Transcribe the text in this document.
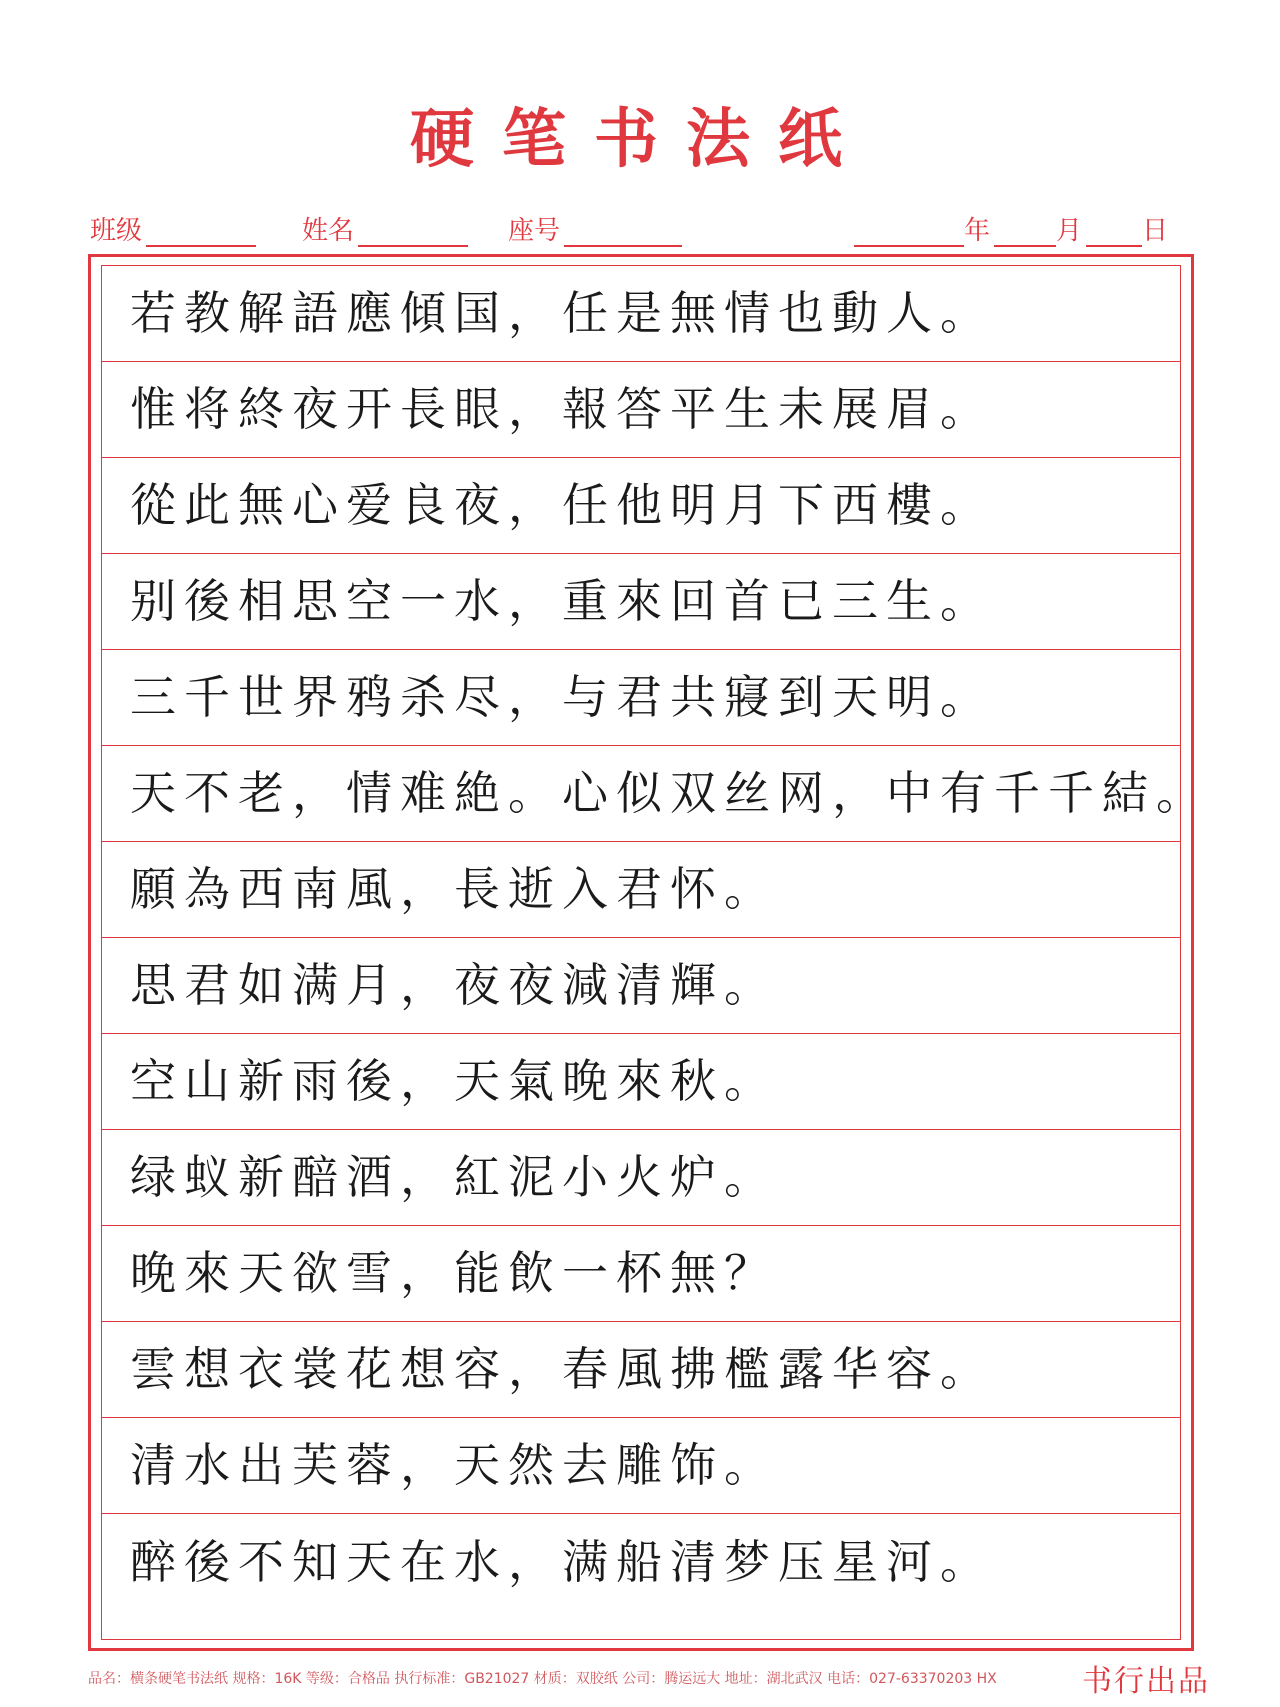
硬笔书法纸
班级	姓名	座号	年	月 日
若教解語應傾国，任是無情也動人。
惟将終夜开長眼，報答平生未展眉。
從此無心爱良夜，任他明月下西樓。
别後相思空一水，重來回首已三生。
三千世界鸦杀尽，与君共寢到天明。
天不老，情难絶。心似双丝网，中有千千結。
願為西南風，長逝入君怀。
思君如满月，夜夜減清輝。
空山新雨後，天氣晚來秋。
绿蚁新醅酒，紅泥小火炉。
晚來天欲雪，能飲一杯無？
雲想衣裳花想容，春風拂檻露华容。
清水出芙蓉，天然去雕饰。
醉後不知天在水，满船清梦压星河。
品名：横条硬笔书法纸 规格：16K 等级：合格品 执行标准：GB21027 材质：双胶纸 公司：腾运远大 地址：湖北武汉 电话：027-63370203 HX	书行出品
